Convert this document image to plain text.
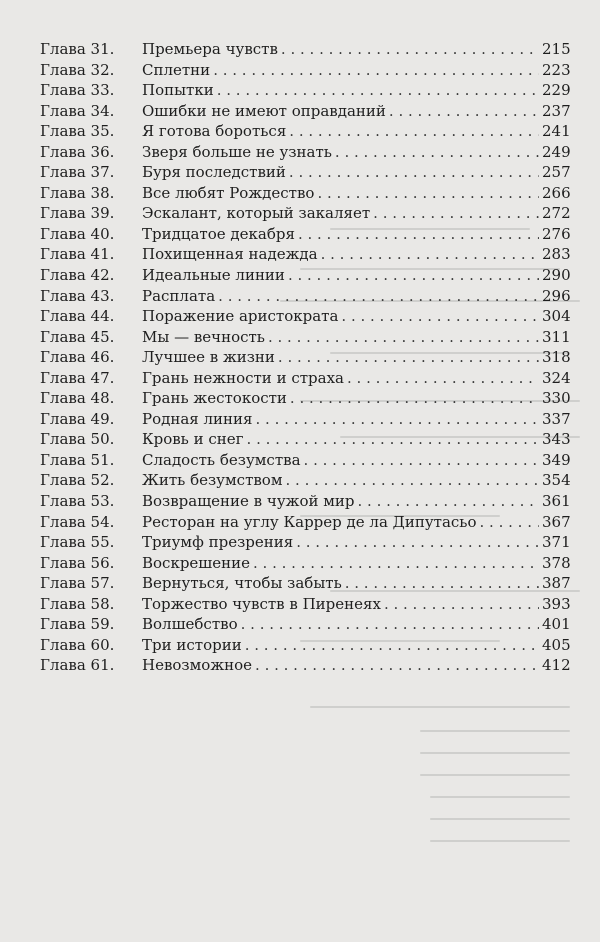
Глава 31.	Премьера чувств . . .	215
Глава 32.	Сплетни . . .	223
Глава 33.	Попытки . . .	229
Глава 34.	Ошибки не имеют оправданий . . .	237
Глава 35.	Я готова бороться . . .	241
Глава 36.	Зверя больше не узнать . . .	249
Глава 37.	Буря последствий . . .	257
Глава 38.	Все любят Рождество . . .	266
Глава 39.	Эскалант, который закаляет . . .	272
Глава 40.	Тридцатое декабря . . .	276
Глава 41.	Похищенная надежда . . .	283
Глава 42.	Идеальные линии . . .	290
Глава 43.	Расплата . . .	296
Глава 44.	Поражение аристократа . . .	304
Глава 45.	Мы — вечность . . .	311
Глава 46.	Лучшее в жизни . . .	318
Глава 47.	Грань нежности и страха . . .	324
Глава 48.	Грань жестокости . . .	330
Глава 49.	Родная линия . . .	337
Глава 50.	Кровь и снег . . .	343
Глава 51.	Сладость безумства . . .	349
Глава 52.	Жить безумством . . .	354
Глава 53.	Возвращение в чужой мир . . .	361
Глава 54.	Ресторан на углу Каррер де ла Дипутасьо . . .	367
Глава 55.	Триумф презрения . . .	371
Глава 56.	Воскрешение . . .	378
Глава 57.	Вернуться, чтобы забыть . . .	387
Глава 58.	Торжество чувств в Пиренеях . . .	393
Глава 59.	Волшебство . . .	401
Глава 60.	Три истории . . .	405
Глава 61.	Невозможное . . .	412
